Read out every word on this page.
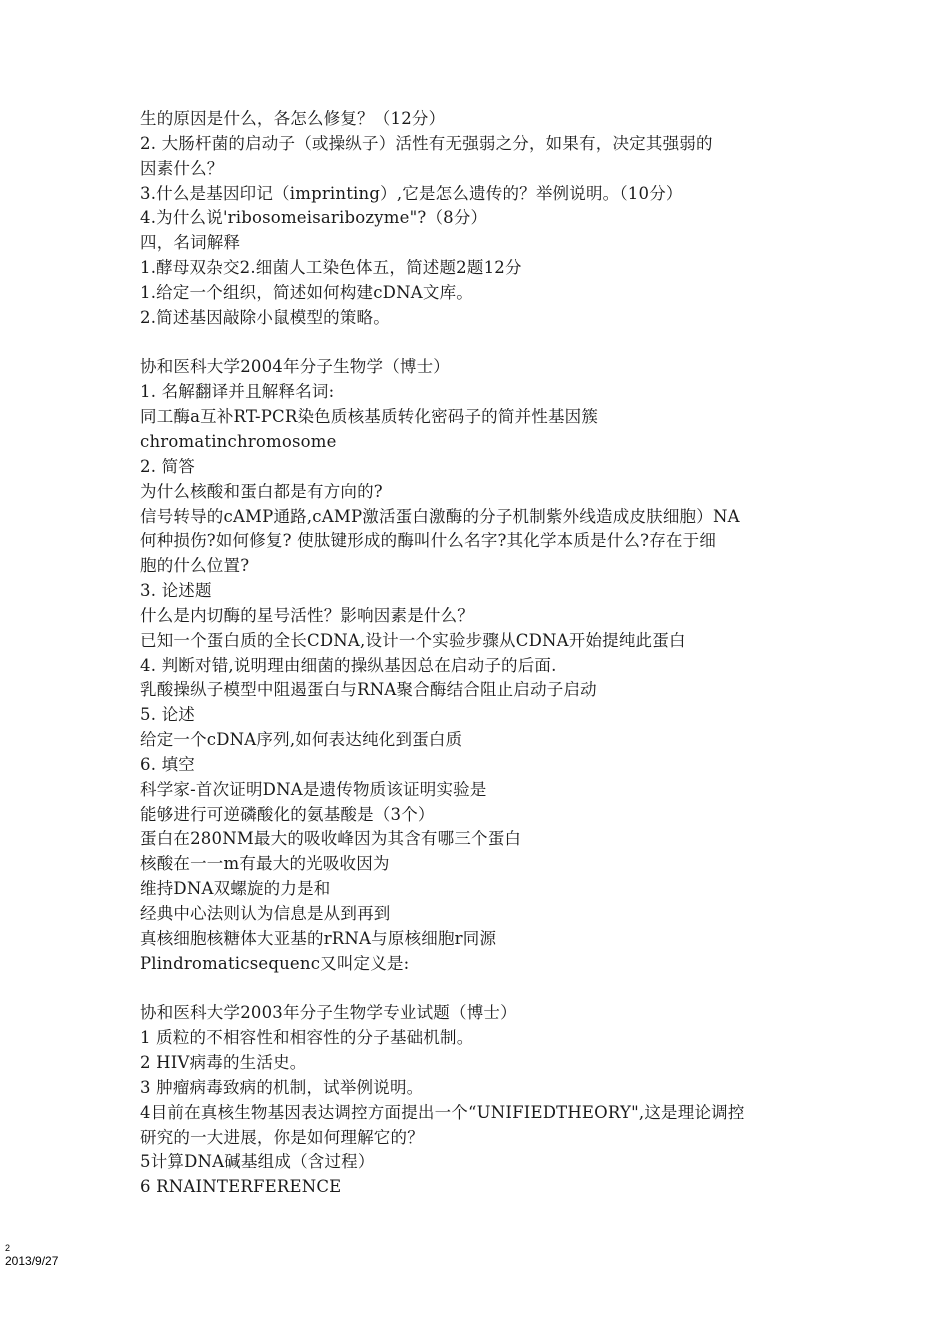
生的原因是什么，各怎么修复？（12分）
2. 大肠杆菌的启动子（或操纵子）活性有无强弱之分，如果有，决定其强弱的
因素什么？
3.什么是基因印记（imprinting）,它是怎么遗传的？举例说明。（10分）
4.为什么说'ribosomeisaribozyme"?（8分）
四，名词解释
1.酵母双杂交2.细菌人工染色体五，简述题2题12分
1.给定一个组织，简述如何构建cDNA文库。
2.简述基因敲除小鼠模型的策略。
协和医科大学2004年分子生物学（博士）
1. 名解翻译并且解释名词:
同工酶a互补RT-PCR染色质核基质转化密码子的简并性基因簇
chromatinchromosome
2. 简答
为什么核酸和蛋白都是有方向的?
信号转导的cAMP通路,cAMP激活蛋白激酶的分子机制紫外线造成皮肤细胞）NA
何种损伤?如何修复? 使肽键形成的酶叫什么名字?其化学本质是什么?存在于细
胞的什么位置?
3. 论述题
什么是内切酶的星号活性？影响因素是什么？
已知一个蛋白质的全长CDNA,设计一个实验步骤从CDNA开始提纯此蛋白
4. 判断对错,说明理由细菌的操纵基因总在启动子的后面.
乳酸操纵子模型中阻遏蛋白与RNA聚合酶结合阻止启动子启动
5. 论述
给定一个cDNA序列,如何表达纯化到蛋白质
6. 填空
科学家-首次证明DNA是遗传物质该证明实验是
能够进行可逆磷酸化的氨基酸是（3个）
蛋白在280NM最大的吸收峰因为其含有哪三个蛋白
核酸在一一m有最大的光吸收因为
维持DNA双螺旋的力是和
经典中心法则认为信息是从到再到
真核细胞核糖体大亚基的rRNA与原核细胞r同源
Plindromaticsequenc又叫定义是:
协和医科大学2003年分子生物学专业试题（博士）
1 质粒的不相容性和相容性的分子基础机制。
2 HIV病毒的生活史。
3 肿瘤病毒致病的机制，试举例说明。
4目前在真核生物基因表达调控方面提出一个“UNIFIEDTHEORY",这是理论调控
研究的一大进展，你是如何理解它的？
5计算DNA碱基组成（含过程）
6 RNAINTERFERENCE
2
2013/9/27
